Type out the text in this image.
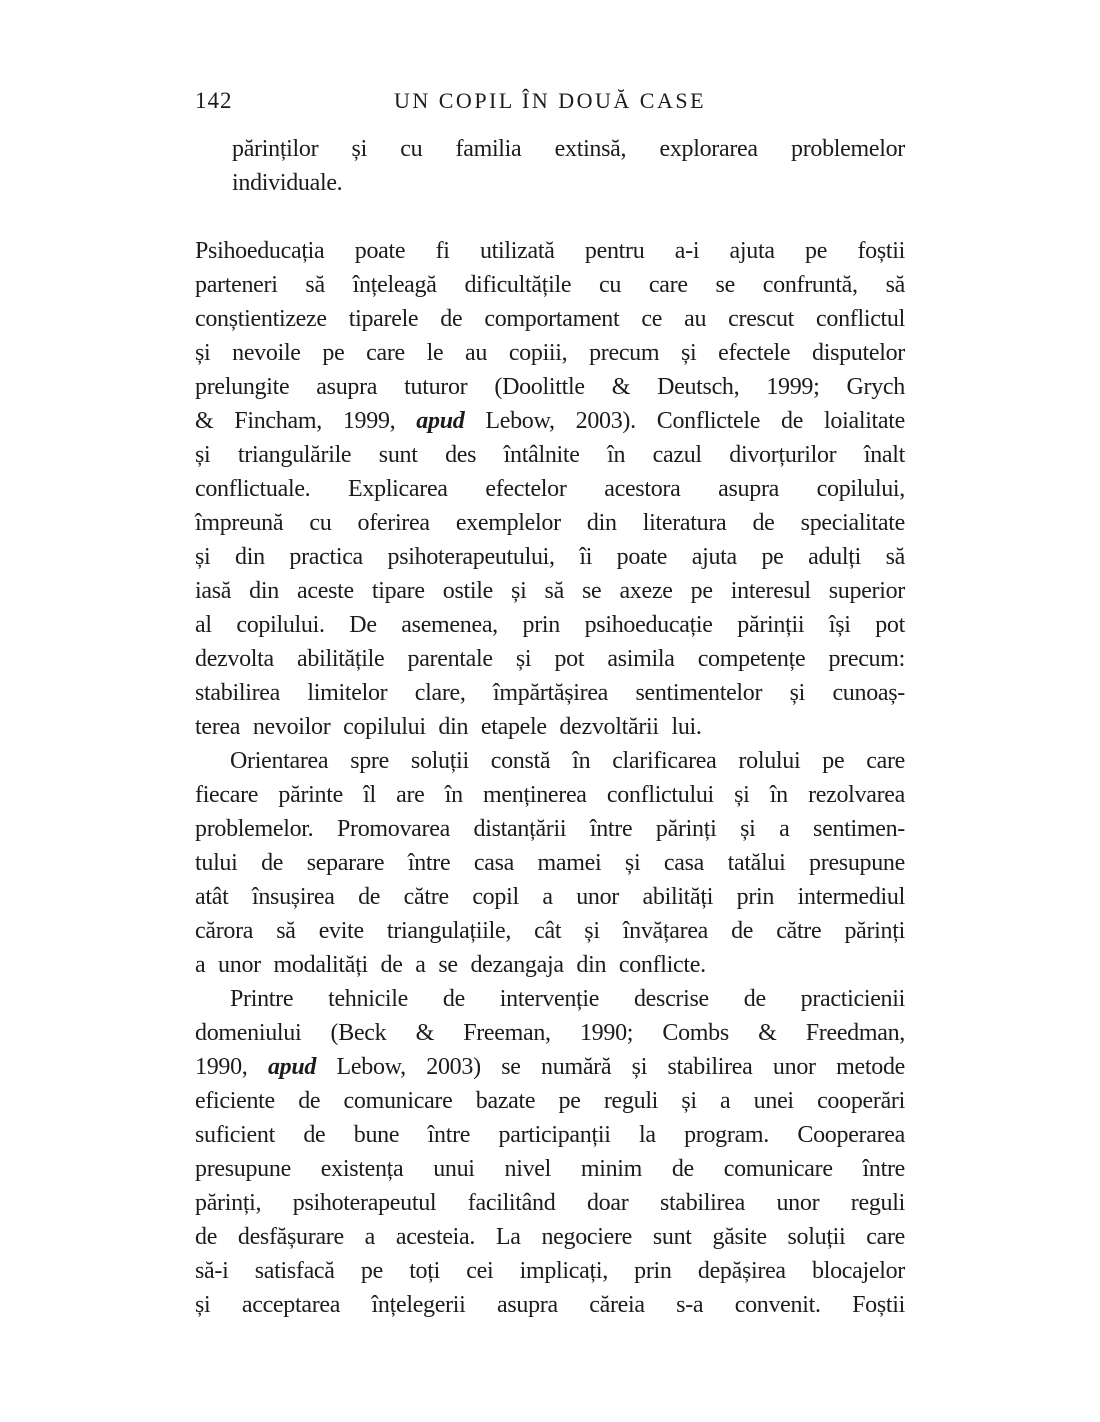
142	UN COPIL ÎN DOUĂ CASE
părinților și cu familia extinsă, explorarea problemelor
individuale.
Psihoeducația poate fi utilizată pentru a-i ajuta pe foștii
parteneri să înțeleagă dificultățile cu care se confruntă, să
conștientizeze tiparele de comportament ce au crescut conflictul
și nevoile pe care le au copiii, precum și efectele disputelor
prelungite asupra tuturor (Doolittle & Deutsch, 1999; Grych
& Fincham, 1999, apud Lebow, 2003). Conflictele de loialitate
și triangulările sunt des întâlnite în cazul divorțurilor înalt
conflictuale. Explicarea efectelor acestora asupra copilului,
împreună cu oferirea exemplelor din literatura de specialitate
și din practica psihoterapeutului, îi poate ajuta pe adulți să
iasă din aceste tipare ostile și să se axeze pe interesul superior
al copilului. De asemenea, prin psihoeducație părinții își pot
dezvolta abilitățile parentale și pot asimila competențe precum:
stabilirea limitelor clare, împărtășirea sentimentelor și cunoaș-
terea nevoilor copilului din etapele dezvoltării lui.
Orientarea spre soluții constă în clarificarea rolului pe care
fiecare părinte îl are în menținerea conflictului și în rezolvarea
problemelor. Promovarea distanțării între părinți și a sentimen-
tului de separare între casa mamei și casa tatălui presupune
atât însușirea de către copil a unor abilități prin intermediul
cărora să evite triangulațiile, cât și învățarea de către părinți
a unor modalități de a se dezangaja din conflicte.
Printre tehnicile de intervenție descrise de practicienii
domeniului (Beck & Freeman, 1990; Combs & Freedman,
1990, apud Lebow, 2003) se numără și stabilirea unor metode
eficiente de comunicare bazate pe reguli și a unei cooperări
suficient de bune între participanții la program. Cooperarea
presupune existența unui nivel minim de comunicare între
părinți, psihoterapeutul facilitând doar stabilirea unor reguli
de desfășurare a acesteia. La negociere sunt găsite soluții care
să-i satisfacă pe toți cei implicați, prin depășirea blocajelor
și acceptarea înțelegerii asupra căreia s-a convenit. Foștii
